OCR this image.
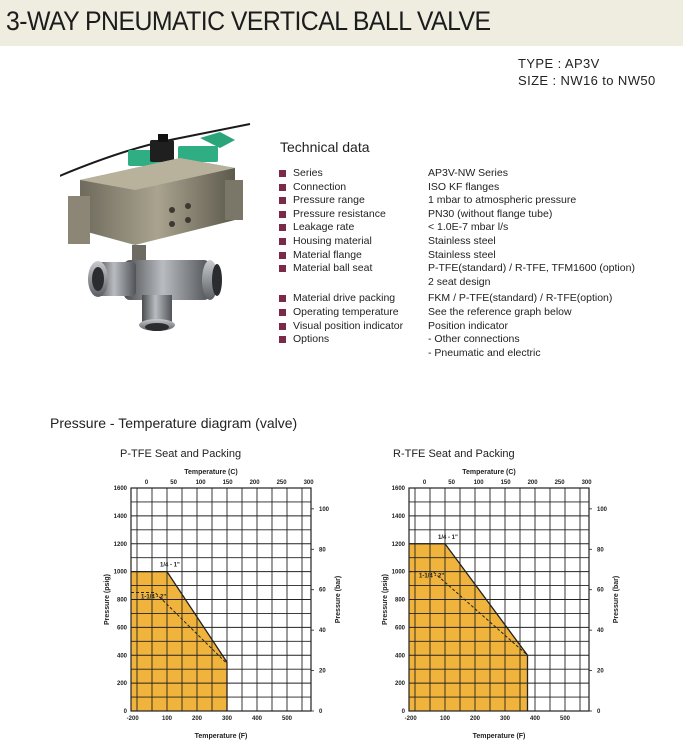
3-WAY PNEUMATIC VERTICAL BALL VALVE
TYPE : AP3V
SIZE : NW16 to NW50
Technical data
Series	AP3V-NW Series
Connection	ISO KF flanges
Pressure range	1 mbar to atmospheric pressure
Pressure resistance	PN30 (without flange tube)
Leakage rate	< 1.0E-7 mbar l/s
Housing material	Stainless steel
Material flange	Stainless steel
Material ball seat	P-TFE(standard) / R-TFE, TFM1600 (option)
2 seat design
Material drive packing	FKM / P-TFE(standard) / R-TFE(option)
Operating temperature	See the reference graph below
Visual position indicator	Position indicator
Options	- Other connections
- Pneumatic and electric
Pressure - Temperature diagram (valve)
P-TFE Seat and Packing	R-TFE Seat and Packing
1/4 - 1"
1-1/4 - 2"
0
200
400
600
800
1000
1200
1400
1600
-20 0	100	200	300	400	500
0	50	100	150	200	250	300
0
20
40
60
80
100
Temperature (F)
Temperature (C)
Pressure (psig)	Pressure (bar)
1/4 - 1"
1-1/4 - 2"
0
200
400
600
800
1000
1200
1400
1600
-20 0	100	200	300	400	500
0	50	100	150	200	250	300
0
20
40
60
80
100
Temperature (F)
Temperature (C)
Pressure (psig)	Pressure (bar)
